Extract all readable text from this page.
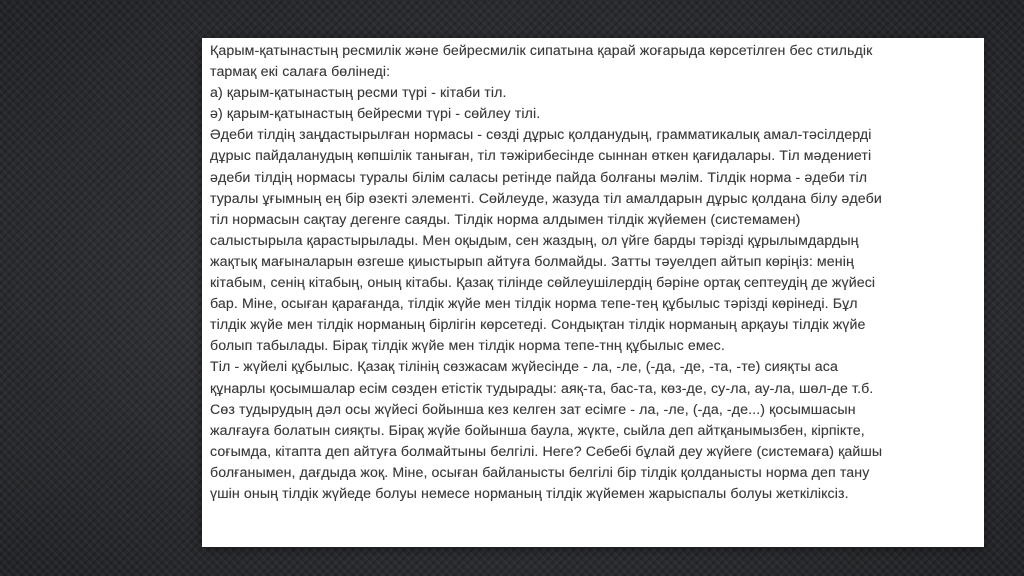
Қарым-қатынастың ресмилік және бейресмилік сипатына қарай жоғарыда көрсетілген бес стильдік
тармақ екі салаға бөлінеді:
а) қарым-қатынастың ресми түрі - кітаби тіл.
ә) қарым-қатынастың бейресми түрі - сөйлеу тілі.
Әдеби тілдің заңдастырылған нормасы - сөзді дұрыс қолданудың, грамматикалық амал-тәсілдерді
дұрыс пайдаланудың көпшілік таныған, тіл тәжірибесінде сыннан өткен қағидалары. Тіл мәдениеті
әдеби тілдің нормасы туралы білім саласы ретінде пайда болғаны мәлім. Тілдік норма - әдеби тіл
туралы ұғымның ең бір өзекті элементі. Сөйлеуде, жазуда тіл амалдарын дұрыс қолдана білу әдеби
тіл нормасын сақтау дегенге саяды. Тілдік норма алдымен тілдік жүйемен (системамен)
салыстырыла қарастырылады. Мен оқыдым, сен жаздың, ол үйге барды тәрізді құрылымдардың
жақтық мағыналарын өзгеше қиыстырып айтуға болмайды. Затты тәуелдеп айтып көріңіз: менің
кітабым, сенің кітабың, оның кітабы. Қазақ тілінде сөйлеушілердің бәріне ортақ септеудің де жүйесі
бар. Міне, осыған қарағанда, тілдік жүйе мен тілдік норма тепе-тең құбылыс тәрізді көрінеді. Бұл
тілдік жүйе мен тілдік норманың бірлігін көрсетеді. Сондықтан тілдік норманың арқауы тілдік жүйе
болып табылады. Бірақ тілдік жүйе мен тілдік норма тепе-тнң құбылыс емес.
Тіл - жүйелі құбылыс. Қазақ тілінің сөзжасам жүйесінде - ла, -ле, (-да, -де, -та, -те) сияқты аса
құнарлы қосымшалар есім сөзден етістік тудырады: аяқ-та, бас-та, көз-де, су-ла, ау-ла, шөл-де т.б.
Сөз тудырудың дәл осы жүйесі бойынша кез келген зат есімге - ла, -ле, (-да, -де...) қосымшасын
жалғауға болатын сияқты. Бірақ жүйе бойынша баула, жүкте, сыйла деп айтқанымызбен, кірпікте,
соғымда, кітапта деп айтуға болмайтыны белгілі. Неге? Себебі бұлай деу жүйеге (системаға) қайшы
болғанымен, дағдыда жоқ. Міне, осыған байланысты белгілі бір тілдік қолданысты норма деп тану
үшін оның тілдік жүйеде болуы немесе норманың тілдік жүйемен жарыспалы болуы жеткіліксіз.
